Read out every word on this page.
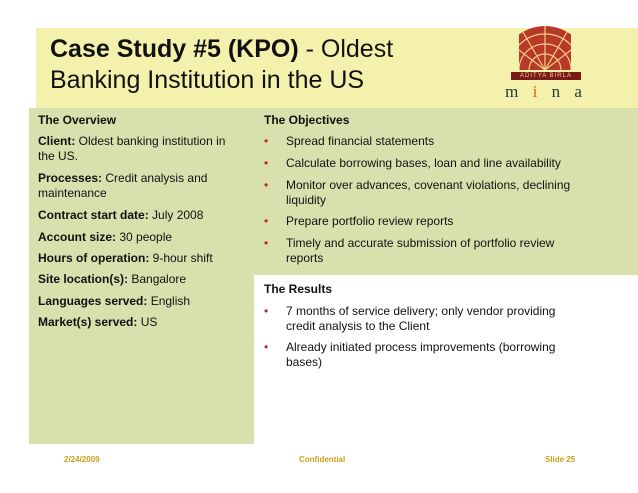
Case Study #5 (KPO) - Oldest Banking Institution in the US	ADITYA BIRLA
m i n a
The Overview
Client: Oldest banking institution in the US.
Processes: Credit analysis and maintenance
Contract start date: July 2008
Account size: 30 people
Hours of operation: 9-hour shift
Site location(s): Bangalore
Languages served: English
Market(s) served: US
The Objectives
• Spread financial statements
• Calculate borrowing bases, loan and line availability
• Monitor over advances, covenant violations, declining liquidity
• Prepare portfolio review reports
• Timely and accurate submission of portfolio review reports
The Results
• 7 months of service delivery; only vendor providing credit analysis to the Client
• Already initiated process improvements (borrowing bases)
2/24/2009	Confidential	Slide 25
